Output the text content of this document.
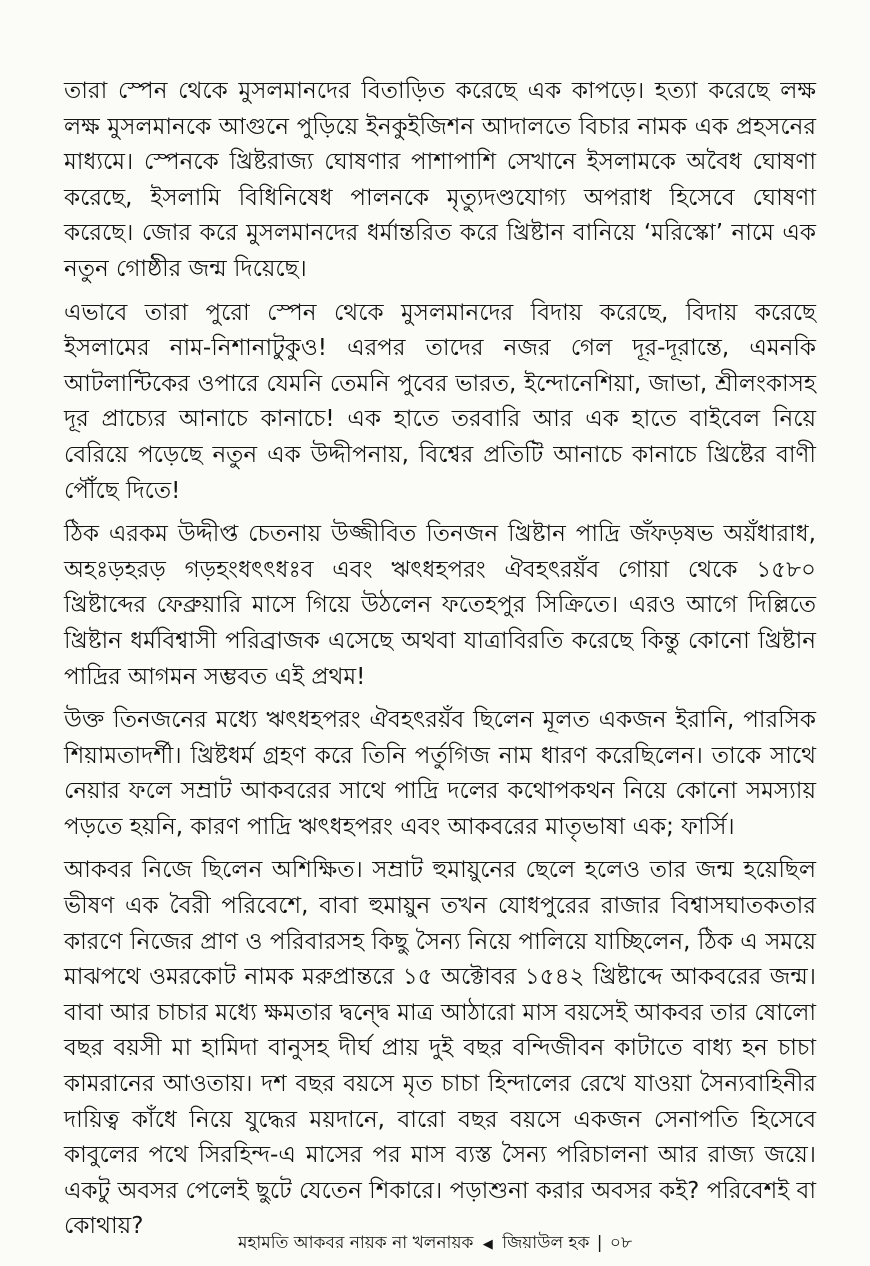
তারা স্পেন থেকে মুসলমানদের বিতাড়িত করেছে এক কাপড়ে। হত্যা করেছে লক্ষ লক্ষ মুসলমানকে আগুনে পুড়িয়ে ইনকুইজিশন আদালতে বিচার নামক এক প্রহসনের মাধ্যমে। স্পেনকে খ্রিষ্টরাজ্য ঘোষণার পাশাপাশি সেখানে ইসলামকে অবৈধ ঘোষণা করেছে, ইসলামি বিধিনিষেধ পালনকে মৃত্যুদণ্ডযোগ্য অপরাধ হিসেবে ঘোষণা করেছে। জোর করে মুসলমানদের ধর্মান্তরিত করে খ্রিষ্টান বানিয়ে ‘মরিস্কো’ নামে এক নতুন গোষ্ঠীর জন্ম দিয়েছে।

এভাবে তারা পুরো স্পেন থেকে মুসলমানদের বিদায় করেছে, বিদায় করেছে ইসলামের নাম-নিশানাটুকুও! এরপর তাদের নজর গেল দূর-দূরান্তে, এমনকি আটলান্টিকের ওপারে যেমনি তেমনি পুবের ভারত, ইন্দোনেশিয়া, জাভা, শ্রীলংকাসহ দূর প্রাচ্যের আনাচে কানাচে! এক হাতে তরবারি আর এক হাতে বাইবেল নিয়ে বেরিয়ে পড়েছে নতুন এক উদ্দীপনায়, বিশ্বের প্রতিটি আনাচে কানাচে খ্রিষ্টের বাণী পৌঁছে দিতে!

ঠিক এরকম উদ্দীপ্ত চেতনায় উজ্জীবিত তিনজন খ্রিষ্টান পাদ্রি জঁফড়ষভ অয়ঁধারাধ, অহঃড়হরড় গড়হংধৎৎধঃব এবং ঋৎধহপরং ঐবহৎরয়ঁব গোয়া থেকে ১৫৮০ খ্রিষ্টাব্দের ফেব্রুয়ারি মাসে গিয়ে উঠলেন ফতেহপুর সিক্রিতে। এরও আগে দিল্লিতে খ্রিষ্টান ধর্মবিশ্বাসী পরিব্রাজক এসেছে অথবা যাত্রাবিরতি করেছে কিন্তু কোনো খ্রিষ্টান পাদ্রির আগমন সম্ভবত এই প্রথম!

উক্ত তিনজনের মধ্যে ঋৎধহপরং ঐবহৎরয়ঁব ছিলেন মূলত একজন ইরানি, পারসিক শিয়ামতাদর্শী। খ্রিষ্টধর্ম গ্রহণ করে তিনি পর্তুগিজ নাম ধারণ করেছিলেন। তাকে সাথে নেয়ার ফলে সম্রাট আকবরের সাথে পাদ্রি দলের কথোপকথন নিয়ে কোনো সমস্যায় পড়তে হয়নি, কারণ পাদ্রি ঋৎধহপরং এবং আকবরের মাতৃভাষা এক; ফার্সি।

আকবর নিজে ছিলেন অশিক্ষিত। সম্রাট হুমায়ুনের ছেলে হলেও তার জন্ম হয়েছিল ভীষণ এক বৈরী পরিবেশে, বাবা হুমায়ুন তখন যোধপুরের রাজার বিশ্বাসঘাতকতার কারণে নিজের প্রাণ ও পরিবারসহ কিছু সৈন্য নিয়ে পালিয়ে যাচ্ছিলেন, ঠিক এ সময়ে মাঝপথে ওমরকোট নামক মরুপ্রান্তরে ১৫ অক্টোবর ১৫৪২ খ্রিষ্টাব্দে আকবরের জন্ম। বাবা আর চাচার মধ্যে ক্ষমতার দ্বন্দ্বে মাত্র আঠারো মাস বয়সেই আকবর তার ষোলো বছর বয়সী মা হামিদা বানুসহ দীর্ঘ প্রায় দুই বছর বন্দিজীবন কাটাতে বাধ্য হন চাচা কামরানের আওতায়। দশ বছর বয়সে মৃত চাচা হিন্দালের রেখে যাওয়া সৈন্যবাহিনীর দায়িত্ব কাঁধে নিয়ে যুদ্ধের ময়দানে, বারো বছর বয়সে একজন সেনাপতি হিসেবে কাবুলের পথে সিরহিন্দ-এ মাসের পর মাস ব্যস্ত সৈন্য পরিচালনা আর রাজ্য জয়ে। একটু অবসর পেলেই ছুটে যেতেন শিকারে। পড়াশুনা করার অবসর কই? পরিবেশই বা কোথায়?

মহামতি আকবর নায়ক না খলনায়ক ◀ জিয়াউল হক | ০৮
